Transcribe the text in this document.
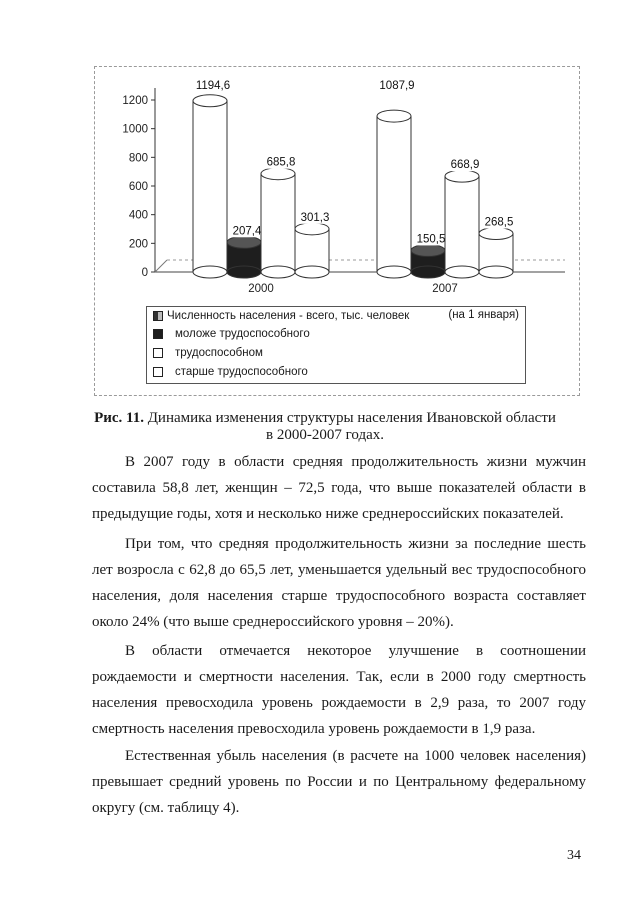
0
200
400
600
800
1000
1200
1194,6
207,4
685,8
301,3
2000
1087,9
150,5
668,9
268,5
2007
Численность населения - всего, тыс. человек	(на 1 января)
моложе трудоспособного
трудоспособном
старше трудоспособного
Рис. 11. Динамика изменения структуры населения Ивановской области в 2000-2007 годах.
В 2007 году в области средняя продолжительность жизни мужчин
составила 58,8 лет, женщин – 72,5 года, что выше показателей области в
предыдущие годы, хотя и несколько ниже среднероссийских показателей.
При том, что средняя продолжительность жизни за последние шесть
лет возросла с 62,8 до 65,5 лет, уменьшается удельный вес трудоспособного
населения, доля населения старше трудоспособного возраста составляет
около 24% (что выше среднероссийского уровня – 20%).
В области отмечается некоторое улучшение в соотношении
рождаемости и смертности населения. Так, если в 2000 году смертность
населения превосходила уровень рождаемости в 2,9 раза, то 2007 году
смертность населения превосходила уровень рождаемости в 1,9 раза.
Естественная убыль населения (в расчете на 1000 человек населения)
превышает средний уровень по России и по Центральному федеральному
округу (см. таблицу 4).
34
